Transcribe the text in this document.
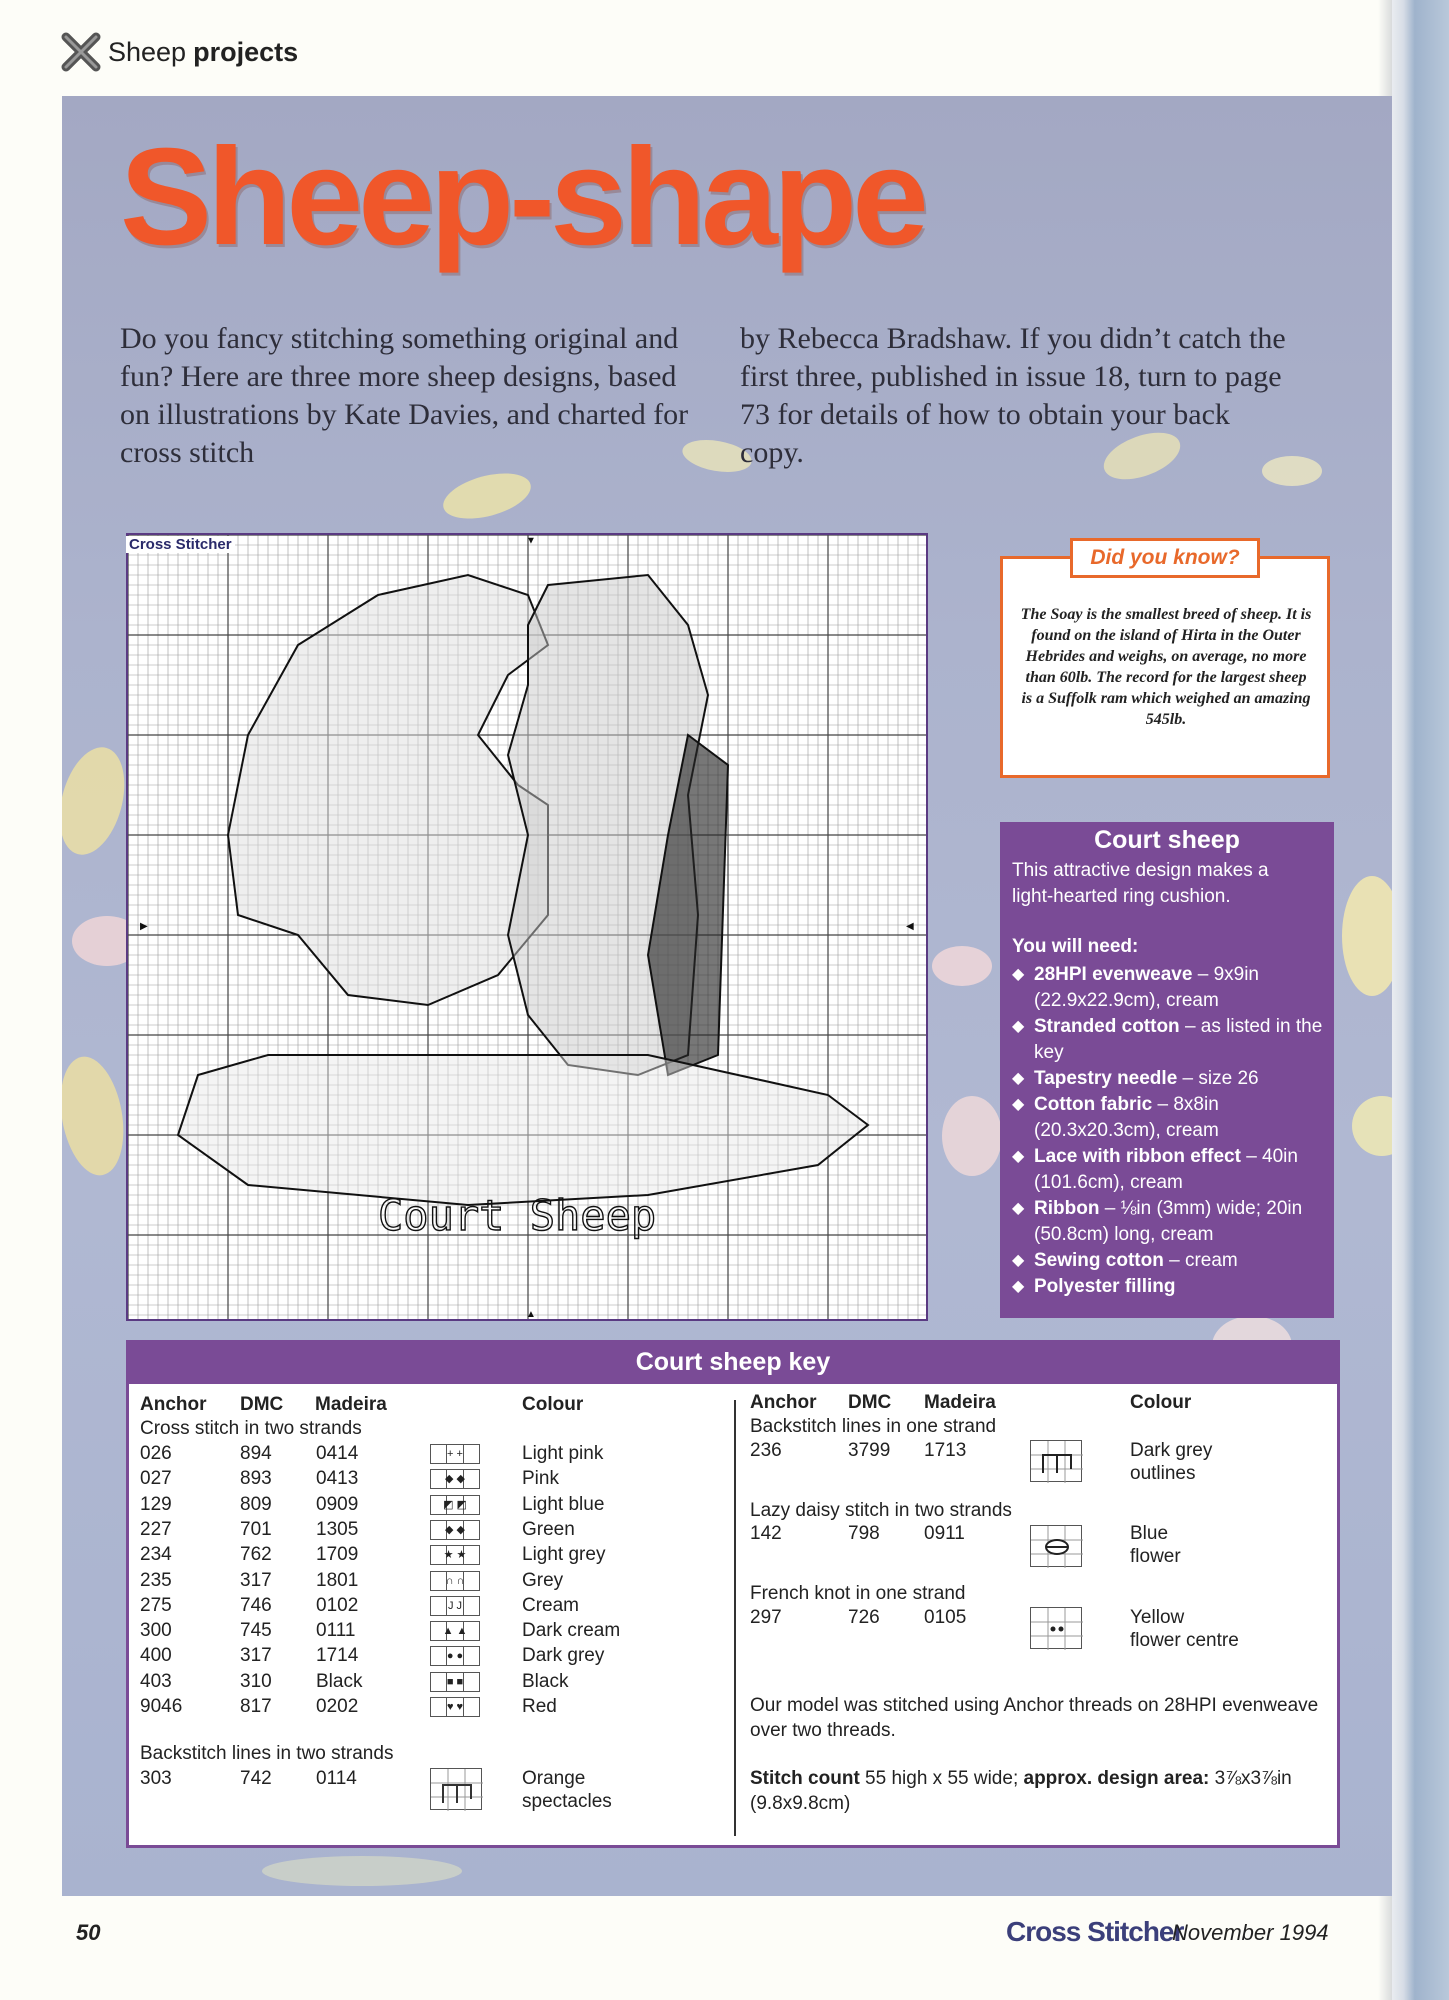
Sheep projects
Sheep-shape

Do you fancy stitching something original and fun? Here are three more sheep designs, based on illustrations by Kate Davies, and charted for cross stitch

by Rebecca Bradshaw. If you didn’t catch the first three, published in issue 18, turn to page 73 for details of how to obtain your back copy.

Court Sheep
▼
▲
▶	◀
Cross Stitcher
Did you know?

The Soay is the smallest breed of sheep. It is found on the island of Hirta in the Outer Hebrides and weighs, on average, no more than 60lb. The record for the largest sheep is a Suffolk ram which weighed an amazing 545lb.

Court sheep

This attractive design makes a light-hearted ring cushion.

You will need:
◆ 28HPI evenweave – 9x9in (22.9x22.9cm), cream
◆ Stranded cotton – as listed in the key
◆ Tapestry needle – size 26
◆ Cotton fabric – 8x8in (20.3x20.3cm), cream
◆ Lace with ribbon effect – 40in (101.6cm), cream
◆ Ribbon – ⅛in (3mm) wide; 20in (50.8cm) long, cream
◆ Sewing cotton – cream
◆ Polyester filling
Court sheep key
Anchor DMC Madeira	Colour
Cross stitch in two strands
026	894 0414	Light pink
+ +
027	893 0413	Pink
◆ ◆
129	809 0909	Light blue
◩ ◩
227	701 1305	Green
◆ ◆
234	762 1709	Light grey
★ ★
235	317 1801	Grey
∩ ∩
275	746 0102	Cream
J J
300	745 0111	Dark cream
▲ ▲
400	317 1714	Dark grey
● ●
403	310 Black	Black
■ ■
9046	817 0202	Red
♥ ♥
Backstitch lines in two strands
303	742 0114	Orange
spectacles
Anchor DMC Madeira	Colour
Backstitch lines in one strand
236	3799 1713	Dark grey
outlines
Lazy daisy stitch in two strands
142	798 0911	Blue
flower
French knot in one strand
297	726 0105	Yellow
flower centre

Our model was stitched using Anchor threads on 28HPI evenweave over two threads.

Stitch count 55 high x 55 wide; approx. design area: 3⅞x3⅞in (9.8x9.8cm)

50	Cross Stitcher
November 1994
